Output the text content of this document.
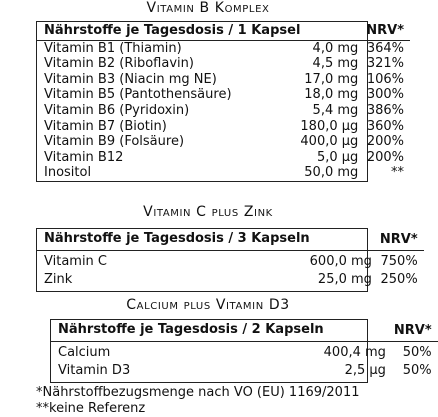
Vitamin B Komplex
Nährstoffe je Tagesdosis / 1 Kapsel		NRV*
Vitamin B1 (Thiamin)	4,0 mg	364%
Vitamin B2 (Riboflavin)	4,5 mg	321%
Vitamin B3 (Niacin mg NE)	17,0 mg	106%
Vitamin B5 (Pantothensäure)	18,0 mg	300%
Vitamin B6 (Pyridoxin)	5,4 mg	386%
Vitamin B7 (Biotin)	180,0 µg	360%
Vitamin B9 (Folsäure)	400,0 µg	200%
Vitamin B12	5,0 µg	200%
Inositol	50,0 mg	**
Vitamin C plus Zink
Nährstoffe je Tagesdosis / 3 Kapseln		NRV*
Vitamin C	600,0 mg	750%
Zink	25,0 mg	250%
Calcium plus Vitamin D3
Nährstoffe je Tagesdosis / 2 Kapseln		NRV*
Calcium	400,4 mg	50%
Vitamin D3	2,5 µg	50%
*Nährstoffbezugsmenge nach VO (EU) 1169/2011
**keine Referenz
